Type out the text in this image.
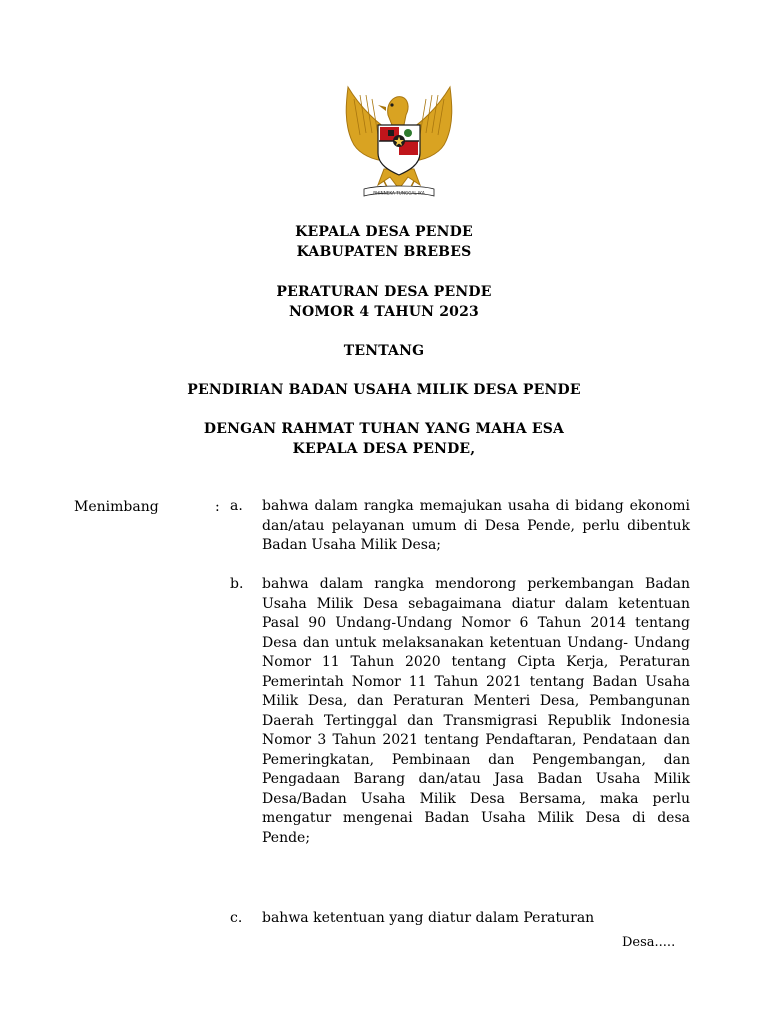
BHINNEKA TUNGGAL IKA
KEPALA DESA PENDE
KABUPATEN BREBES
PERATURAN DESA PENDE
NOMOR 4 TAHUN 2023
TENTANG
PENDIRIAN BADAN USAHA MILIK DESA PENDE
DENGAN RAHMAT TUHAN YANG MAHA ESA
KEPALA DESA PENDE,
Menimbang	: a.	bahwa dalam rangka memajukan usaha di bidang ekonomi dan/atau pelayanan umum di Desa Pende, perlu dibentuk Badan Usaha Milik Desa;
b.	bahwa dalam rangka mendorong perkembangan Badan Usaha Milik Desa sebagaimana diatur dalam ketentuan Pasal 90 Undang-Undang Nomor 6 Tahun 2014 tentang Desa dan untuk melaksanakan ketentuan Undang- Undang Nomor 11 Tahun 2020 tentang Cipta Kerja, Peraturan Pemerintah Nomor 11 Tahun 2021 tentang Badan Usaha Milik Desa, dan Peraturan Menteri Desa, Pembangunan Daerah Tertinggal dan Transmigrasi Republik Indonesia Nomor 3 Tahun 2021 tentang Pendaftaran, Pendataan dan Pemeringkatan, Pembinaan dan Pengembangan, dan Pengadaan Barang dan/atau Jasa Badan Usaha Milik Desa/Badan Usaha Milik Desa Bersama, maka perlu mengatur mengenai Badan Usaha Milik Desa di desa Pende;
c.	bahwa ketentuan yang diatur dalam Peraturan
Desa.....
